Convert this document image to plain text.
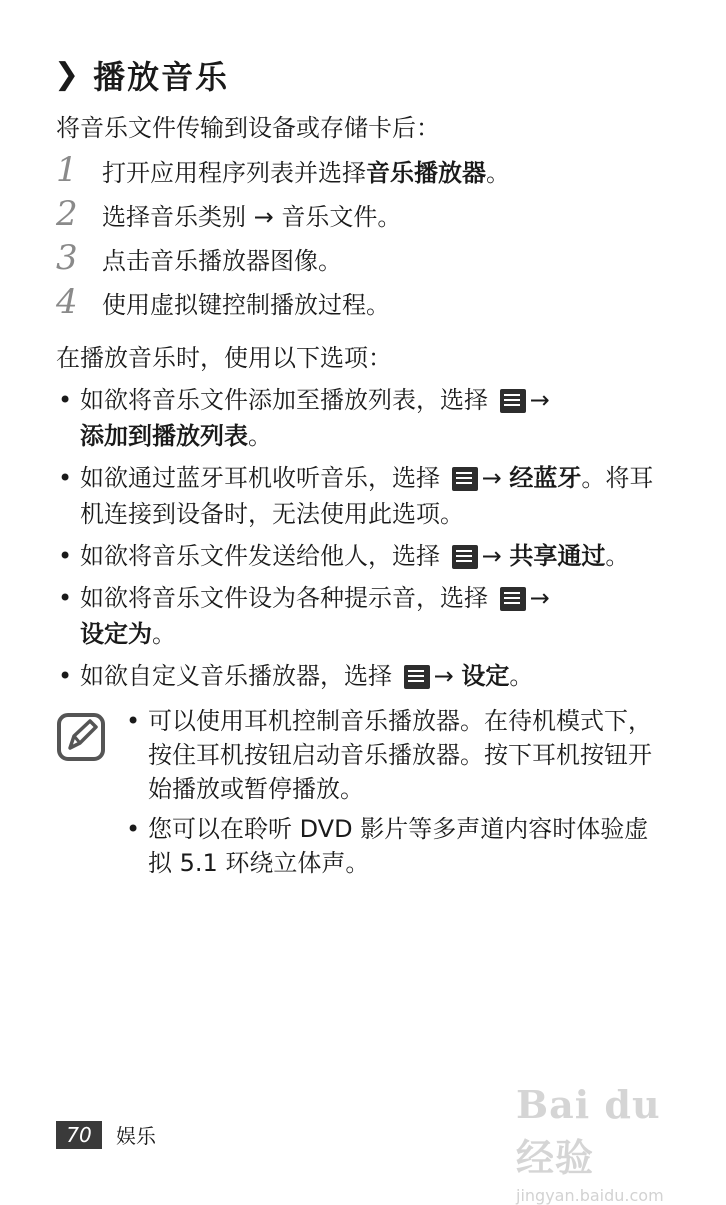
❯ 播放音乐
将音乐文件传输到设备或存储卡后：
1	打开应用程序列表并选择 音乐播放器 。
2	选择音乐类别 → 音乐文件。
3	点击音乐播放器图像。
4	使用虚拟键控制播放过程。
在播放音乐时，使用以下选项：
• 如欲将音乐文件添加至播放列表，选择
→
添加到播放列表。
• 如欲通过蓝牙耳机收听音乐，选择
→ 经蓝牙。将耳机连接到设备时，无法使用此选项。
• 如欲将音乐文件发送给他人，选择
→ 共享通过。
• 如欲将音乐文件设为各种提示音，选择
→
设定为。
• 如欲自定义音乐播放器，选择
→ 设定。
• 可以使用耳机控制音乐播放器。在待机模式下，按住耳机按钮启动音乐播放器。按下耳机按钮开始播放或暂停播放。
• 您可以在聆听 DVD 影片等多声道内容时体验虚拟 5.1 环绕立体声。
70	娱乐
Bai du 经验
jingyan.baidu.com
